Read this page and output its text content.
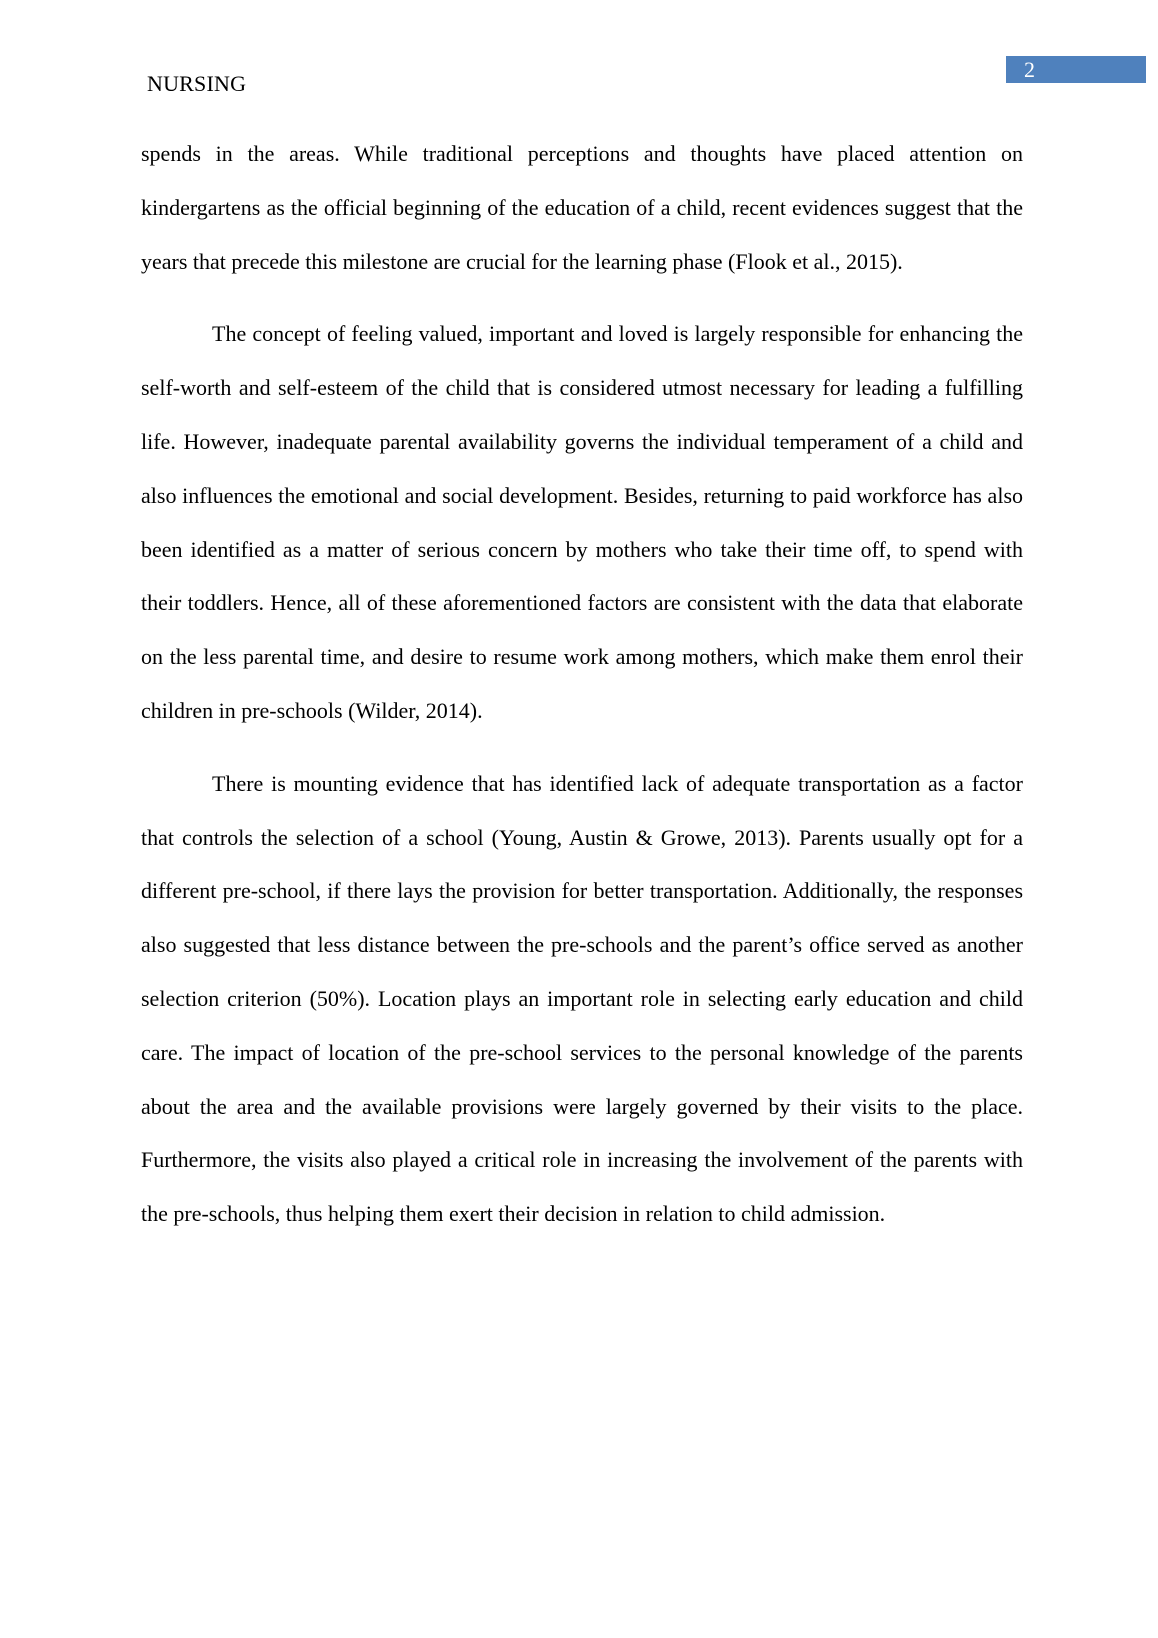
NURSING
2

spends in the areas. While traditional perceptions and thoughts have placed attention on kindergartens as the official beginning of the education of a child, recent evidences suggest that the years that precede this milestone are crucial for the learning phase (Flook et al., 2015).

The concept of feeling valued, important and loved is largely responsible for enhancing the self-worth and self-esteem of the child that is considered utmost necessary for leading a fulfilling life. However, inadequate parental availability governs the individual temperament of a child and also influences the emotional and social development. Besides, returning to paid workforce has also been identified as a matter of serious concern by mothers who take their time off, to spend with their toddlers. Hence, all of these aforementioned factors are consistent with the data that elaborate on the less parental time, and desire to resume work among mothers, which make them enrol their children in pre-schools (Wilder, 2014).

There is mounting evidence that has identified lack of adequate transportation as a factor that controls the selection of a school (Young, Austin & Growe, 2013). Parents usually opt for a different pre-school, if there lays the provision for better transportation. Additionally, the responses also suggested that less distance between the pre-schools and the parent’s office served as another selection criterion (50%). Location plays an important role in selecting early education and child care. The impact of location of the pre-school services to the personal knowledge of the parents about the area and the available provisions were largely governed by their visits to the place. Furthermore, the visits also played a critical role in increasing the involvement of the parents with the pre-schools, thus helping them exert their decision in relation to child admission.
